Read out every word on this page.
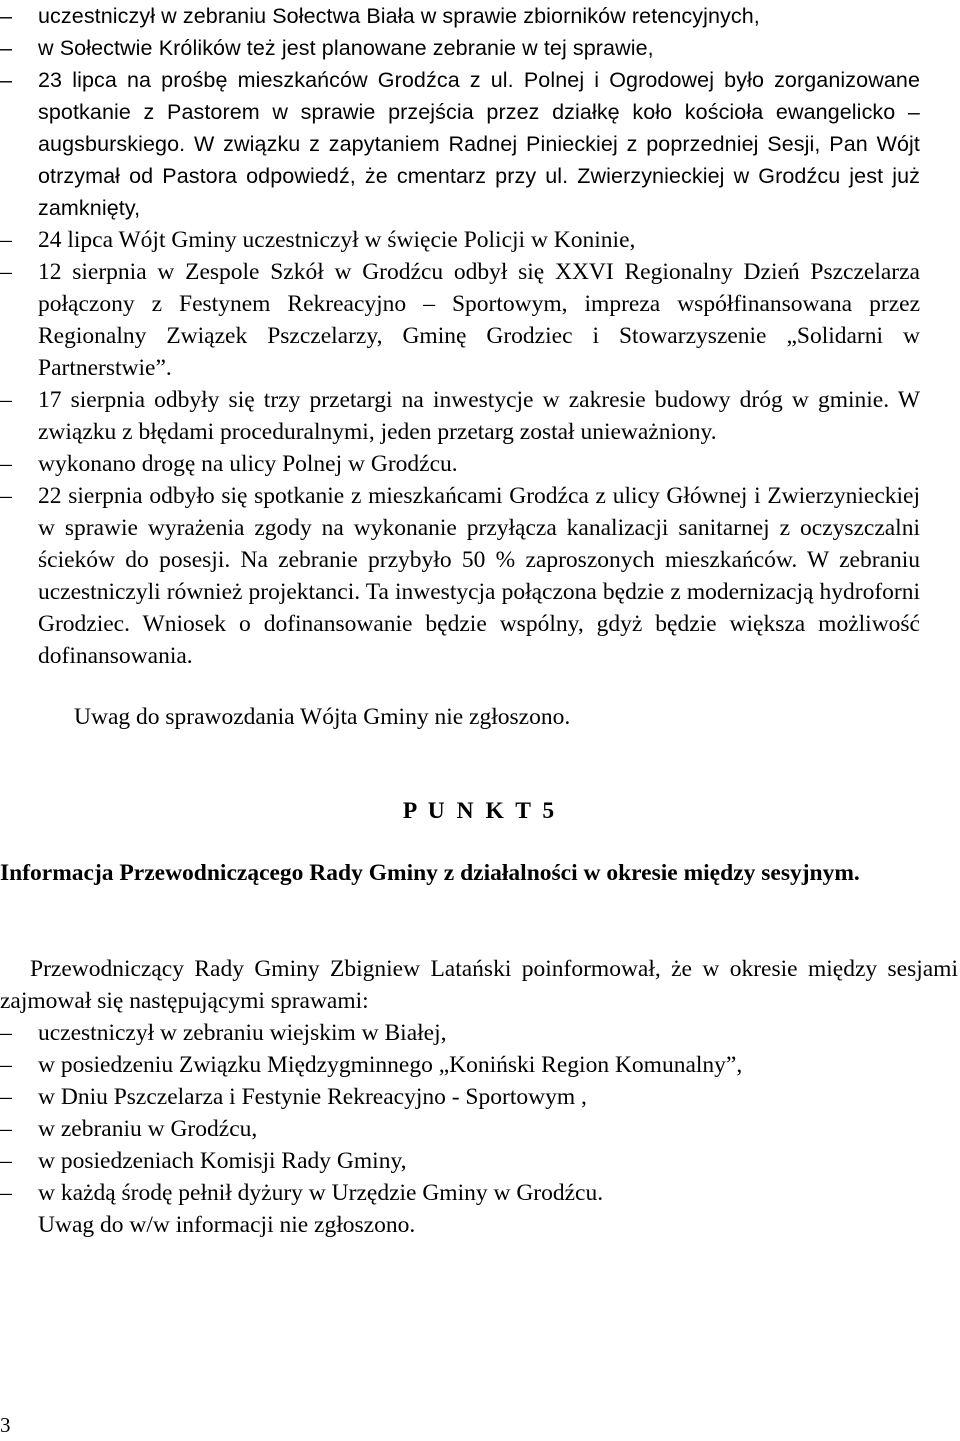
– uczestniczył w zebraniu Sołectwa Biała w sprawie zbiorników retencyjnych,
– w Sołectwie Królików też jest planowane zebranie w tej sprawie,
– 23 lipca na prośbę mieszkańców Grodźca z ul. Polnej i Ogrodowej było zorganizowane spotkanie z Pastorem w sprawie przejścia przez działkę koło kościoła ewangelicko – augsburskiego. W związku z zapytaniem Radnej Pinieckiej z poprzedniej Sesji, Pan Wójt otrzymał od Pastora odpowiedź, że cmentarz przy ul. Zwierzynieckiej w Grodźcu jest już zamknięty,
– 24 lipca Wójt Gminy uczestniczył w święcie Policji w Koninie,
– 12 sierpnia w Zespole Szkół w Grodźcu odbył się XXVI Regionalny Dzień Pszczelarza połączony z Festynem Rekreacyjno – Sportowym, impreza współfinansowana przez Regionalny Związek Pszczelarzy, Gminę Grodziec i Stowarzyszenie „Solidarni w Partnerstwie”.
– 17 sierpnia odbyły się trzy przetargi na inwestycje w zakresie budowy dróg w gminie. W związku z błędami proceduralnymi, jeden przetarg został unieważniony.
– wykonano drogę na ulicy Polnej w Grodźcu.
– 22 sierpnia odbyło się spotkanie z mieszkańcami Grodźca z ulicy Głównej i Zwierzynieckiej w sprawie wyrażenia zgody na wykonanie przyłącza kanalizacji sanitarnej z oczyszczalni ścieków do posesji. Na zebranie przybyło 50 % zaproszonych mieszkańców. W zebraniu uczestniczyli również projektanci. Ta inwestycja połączona będzie z modernizacją hydroforni Grodziec. Wniosek o dofinansowanie będzie wspólny, gdyż będzie większa możliwość dofinansowania.
Uwag do sprawozdania Wójta Gminy nie zgłoszono.
P U N K T 5
Informacja Przewodniczącego Rady Gminy z działalności w okresie między sesyjnym.
Przewodniczący Rady Gminy Zbigniew Latański poinformował, że w okresie między sesjami zajmował się następującymi sprawami:
– uczestniczył w zebraniu wiejskim w Białej,
– w posiedzeniu Związku Międzygminnego „Koniński Region Komunalny”,
– w Dniu Pszczelarza i Festynie Rekreacyjno - Sportowym ,
– w zebraniu w Grodźcu,
– w posiedzeniach Komisji Rady Gminy,
– w każdą środę pełnił dyżury w Urzędzie Gminy w Grodźcu.
Uwag do w/w informacji nie zgłoszono.
3
